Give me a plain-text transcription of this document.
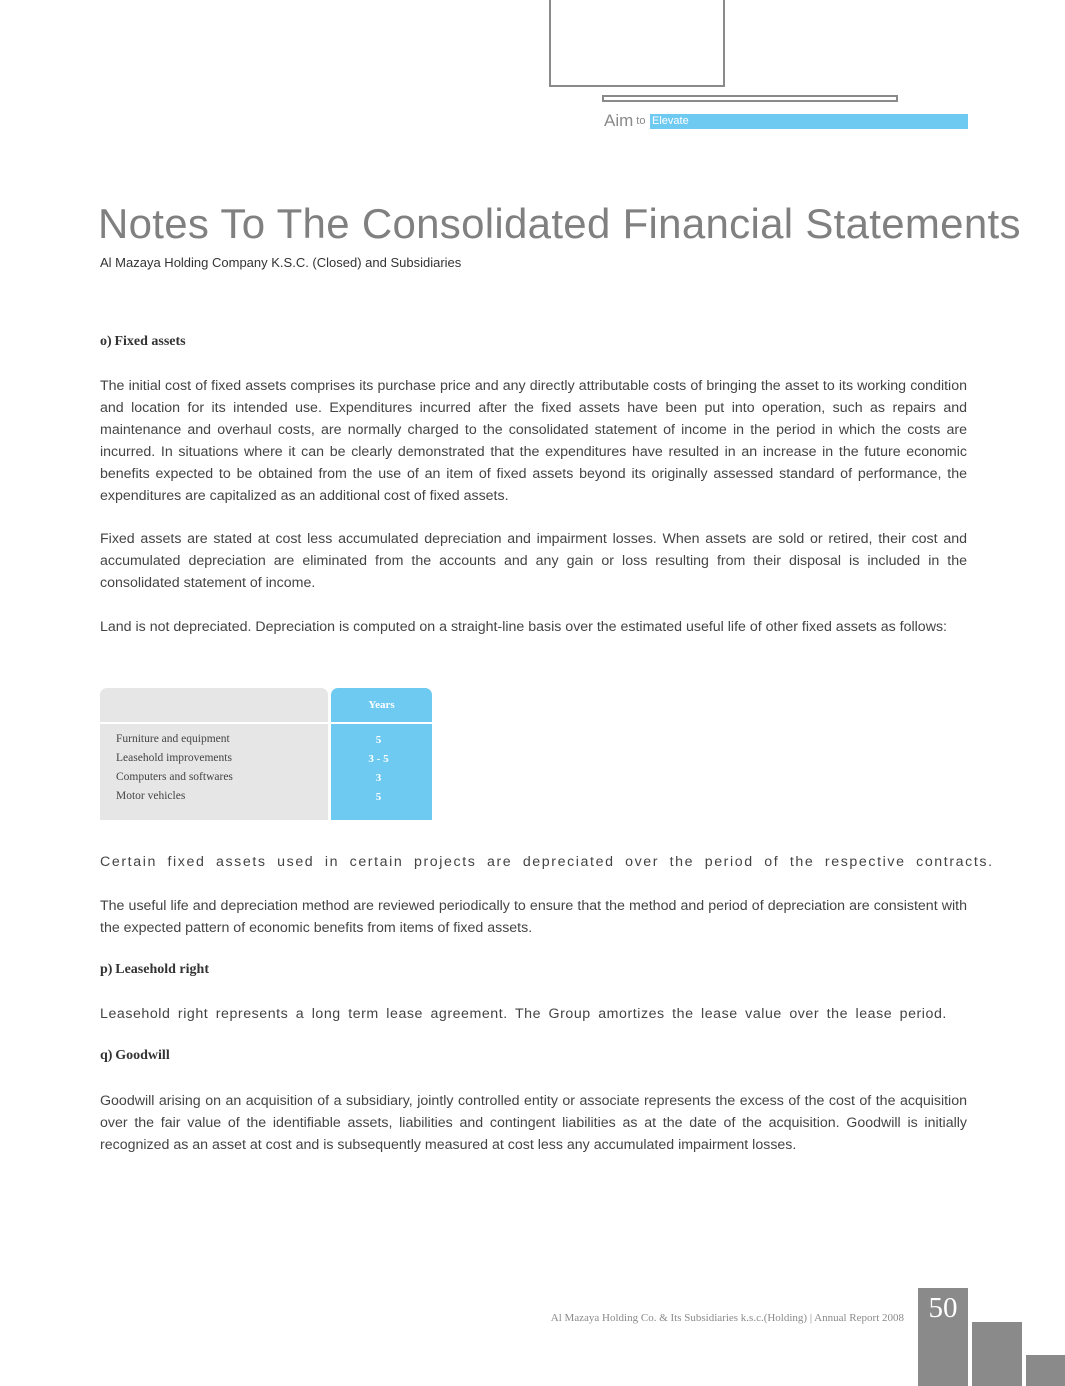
Aim to Elevate
Notes To The Consolidated Financial Statements
Al Mazaya Holding Company K.S.C. (Closed) and Subsidiaries
o) Fixed assets

The initial cost of fixed assets comprises its purchase price and any directly attributable costs of bringing the asset to its working condition and location for its intended use. Expenditures incurred after the fixed assets have been put into operation, such as repairs and maintenance and overhaul costs, are normally charged to the consolidated statement of income in the period in which the costs are incurred. In situations where it can be clearly demonstrated that the expenditures have resulted in an increase in the future economic benefits expected to be obtained from the use of an item of fixed assets beyond its originally assessed standard of performance, the expenditures are capitalized as an additional cost of fixed assets.

Fixed assets are stated at cost less accumulated depreciation and impairment losses. When assets are sold or retired, their cost and accumulated depreciation are eliminated from the accounts and any gain or loss resulting from their disposal is included in the consolidated statement of income.

Land is not depreciated. Depreciation is computed on a straight-line basis over the estimated useful life of other fixed assets as follows:

Years
Furniture and equipment	5
Leasehold improvements	3 - 5
Computers and softwares	3
Motor vehicles	5

Certain fixed assets used in certain projects are depreciated over the period of the respective contracts.

The useful life and depreciation method are reviewed periodically to ensure that the method and period of depreciation are consistent with the expected pattern of economic benefits from items of fixed assets.

p) Leasehold right

Leasehold right represents a long term lease agreement. The Group amortizes the lease value over the lease period.

q) Goodwill

Goodwill arising on an acquisition of a subsidiary, jointly controlled entity or associate represents the excess of the cost of the acquisition over the fair value of the identifiable assets, liabilities and contingent liabilities as at the date of the acquisition. Goodwill is initially recognized as an asset at cost and is subsequently measured at cost less any accumulated impairment losses.

Al Mazaya Holding Co. & Its Subsidiaries k.s.c.(Holding) | Annual Report 2008 50
